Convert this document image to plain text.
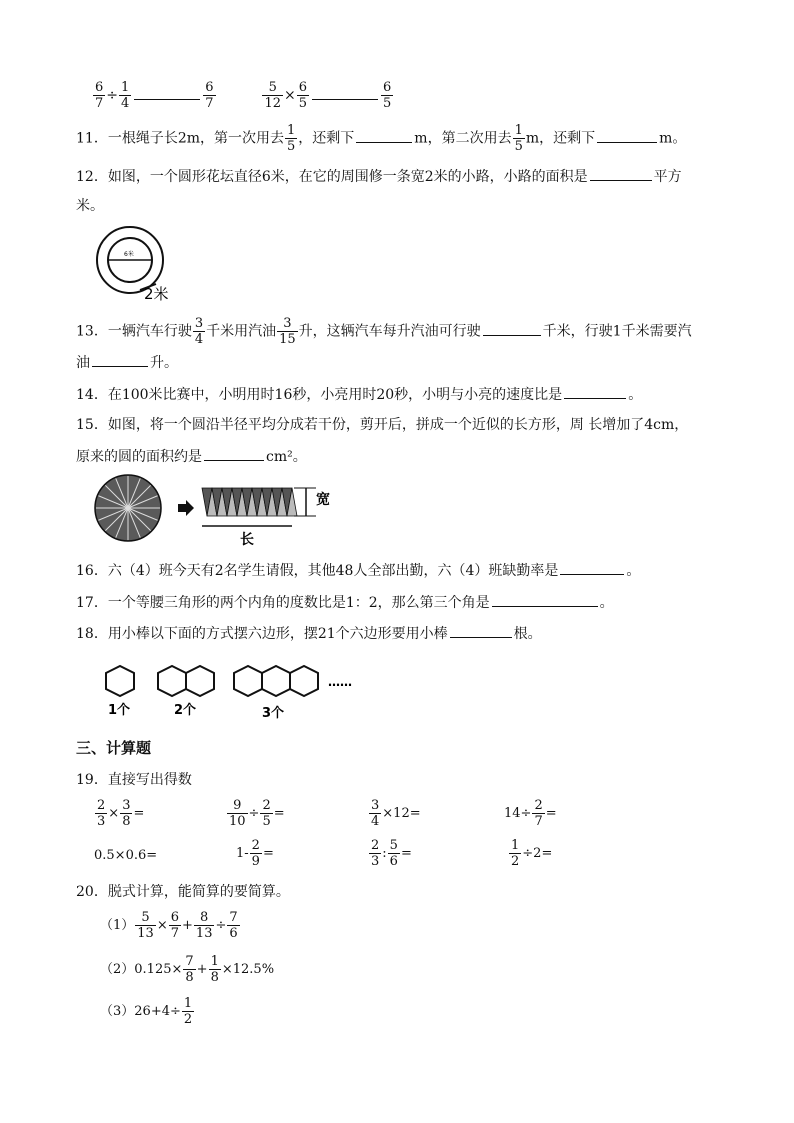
$\frac{6}{7} \div \frac{1}{4}$	$\frac{6}{7}$
	$\frac{5}{12} \times \frac{6}{5}$	$\frac{6}{5}$
11．一根绳子长2m，第一次用去 $\frac{1}{5}$ ，还剩下	m，第二次用去 $\frac{1}{5}$ m，还剩下	m。
12．如图，一个圆形花坛直径6米，在它的周围修一条宽2米的小路，小路的面积是	平方
米。
6米
2米
13．一辆汽车行驶 $\frac{3}{4}$ 千米用汽油 $\frac{3}{15}$ 升，这辆汽车每升汽油可行驶	千米，行驶1千米需要汽
油	升。
14．在100米比赛中，小明用时16秒，小亮用时20秒，小明与小亮的速度比是	。
15．如图，将一个圆沿半径平均分成若干份，剪开后，拼成一个近似的长方形，周 长增加了4cm，
原来的圆的面积约是	cm²。
宽
长
16．六（4）班今天有2名学生请假，其他48人全部出勤，六（4）班缺勤率是	。
17．一个等腰三角形的两个内角的度数比是1：2，那么第三个角是	。
18．用小棒以下面的方式摆六边形，摆21个六边形要用小棒	根。
……
1个	2个	3个
三、计算题
19．直接写出得数
$\frac{2}{3} \times \frac{3}{8}$ =	$\frac{9}{10} \div \frac{2}{5}$ =	$\frac{3}{4} \times 12=$	$14\div \frac{2}{7}$ =
0.5×0.6=	$1- \frac{2}{9}$ =	$\frac{2}{3}$ : $\frac{5}{6}$ =	$\frac{1}{2} \div 2=$
20．脱式计算，能简算的要简算。
$(1) \frac{5}{13} \times \frac{6}{7} + \frac{8}{13} \div \frac{7}{6}$
$(2)0.125\times \frac{7}{8} + \frac{1}{8} \times 12.5\%$
$(3)26+4\div \frac{1}{2}$
